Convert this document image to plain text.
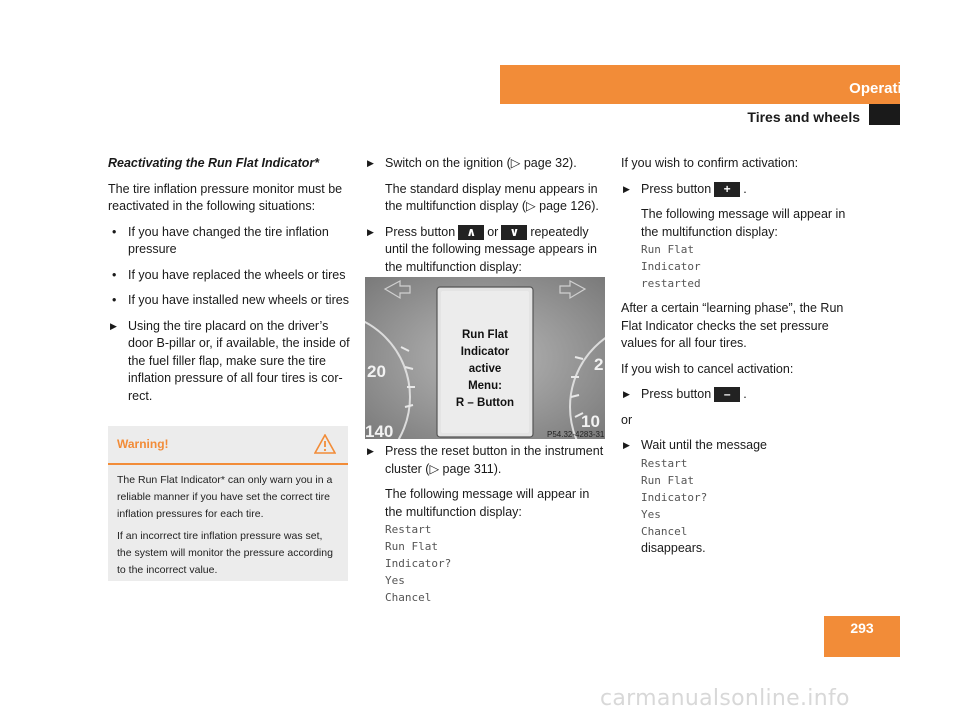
Operation
Tires and wheels

Reactivating the Run Flat Indicator*

The tire inflation pressure monitor must be reactivated in the following situations:

• If you have changed the tire inflation pressure
• If you have replaced the wheels or tires
• If you have installed new wheels or tires
▶ Using the tire placard on the driver’s door B-pillar or, if available, the inside of the fuel filler flap, make sure the tire inflation pressure of all four tires is cor-rect.
Warning!

The Run Flat Indicator* can only warn you in a reliable manner if you have set the correct tire inflation pressures for each tire.

If an incorrect tire inflation pressure was set, the system will monitor the pressure according to the incorrect value.

▶ Switch on the ignition (▷ page 32).
The standard display menu appears in the multifunction display (▷ page 126).
▶ Press button ∧ or ∨ repeatedly until the following message appears in the multifunction display:
Run Flat
Indicator
active
Menu:
R – Button
20
140
2
10
P54.32-4283-31
▶ Press the reset button in the instrument cluster (▷ page 311).
The following message will appear in the multifunction display:
Restart
Run Flat
Indicator?
Yes
Chancel

If you wish to confirm activation:

▶ Press button + .
The following message will appear in the multifunction display:
Run Flat
Indicator
restarted

After a certain “learning phase”, the Run Flat Indicator checks the set pressure values for all four tires.

If you wish to cancel activation:

▶ Press button – .

or

▶ Wait until the message
Restart
Run Flat
Indicator?
Yes
Chancel
disappears.
293
carmanualsonline.info
